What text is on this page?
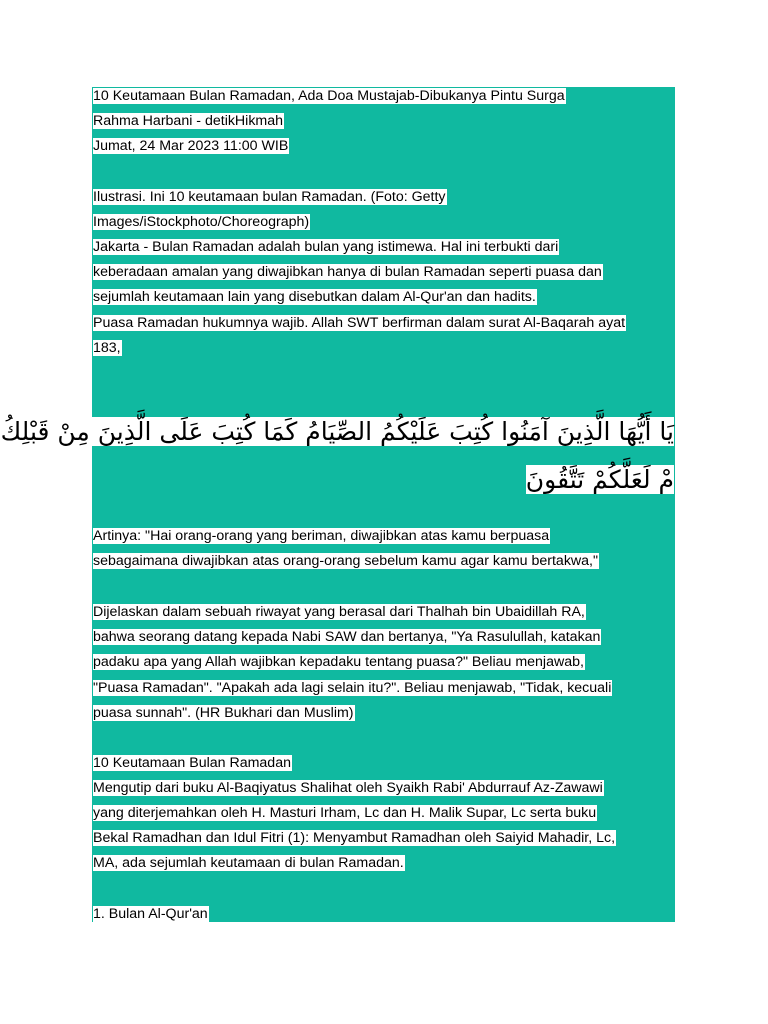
10 Keutamaan Bulan Ramadan, Ada Doa Mustajab-Dibukanya Pintu Surga
Rahma Harbani - detikHikmah
Jumat, 24 Mar 2023 11:00 WIB
Ilustrasi. Ini 10 keutamaan bulan Ramadan. (Foto: Getty
Images/iStockphoto/Choreograph)
Jakarta - Bulan Ramadan adalah bulan yang istimewa. Hal ini terbukti dari
keberadaan amalan yang diwajibkan hanya di bulan Ramadan seperti puasa dan
sejumlah keutamaan lain yang disebutkan dalam Al-Qur'an dan hadits.
Puasa Ramadan hukumnya wajib. Allah SWT berfirman dalam surat Al-Baqarah ayat
183,
يَا أَيُّهَا الَّذِينَ آمَنُوا كُتِبَ عَلَيْكُمُ الصِّيَامُ كَمَا كُتِبَ عَلَى الَّذِينَ مِنْ قَبْلِكُ
مْ لَعَلَّكُمْ تَتَّقُونَ
Artinya: "Hai orang-orang yang beriman, diwajibkan atas kamu berpuasa
sebagaimana diwajibkan atas orang-orang sebelum kamu agar kamu bertakwa,"
Dijelaskan dalam sebuah riwayat yang berasal dari Thalhah bin Ubaidillah RA,
bahwa seorang datang kepada Nabi SAW dan bertanya, "Ya Rasulullah, katakan
padaku apa yang Allah wajibkan kepadaku tentang puasa?" Beliau menjawab,
"Puasa Ramadan". "Apakah ada lagi selain itu?". Beliau menjawab, "Tidak, kecuali
puasa sunnah". (HR Bukhari dan Muslim)
10 Keutamaan Bulan Ramadan
Mengutip dari buku Al-Baqiyatus Shalihat oleh Syaikh Rabi' Abdurrauf Az-Zawawi
yang diterjemahkan oleh H. Masturi Irham, Lc dan H. Malik Supar, Lc serta buku
Bekal Ramadhan dan Idul Fitri (1): Menyambut Ramadhan oleh Saiyid Mahadir, Lc,
MA, ada sejumlah keutamaan di bulan Ramadan.
1. Bulan Al-Qur'an
